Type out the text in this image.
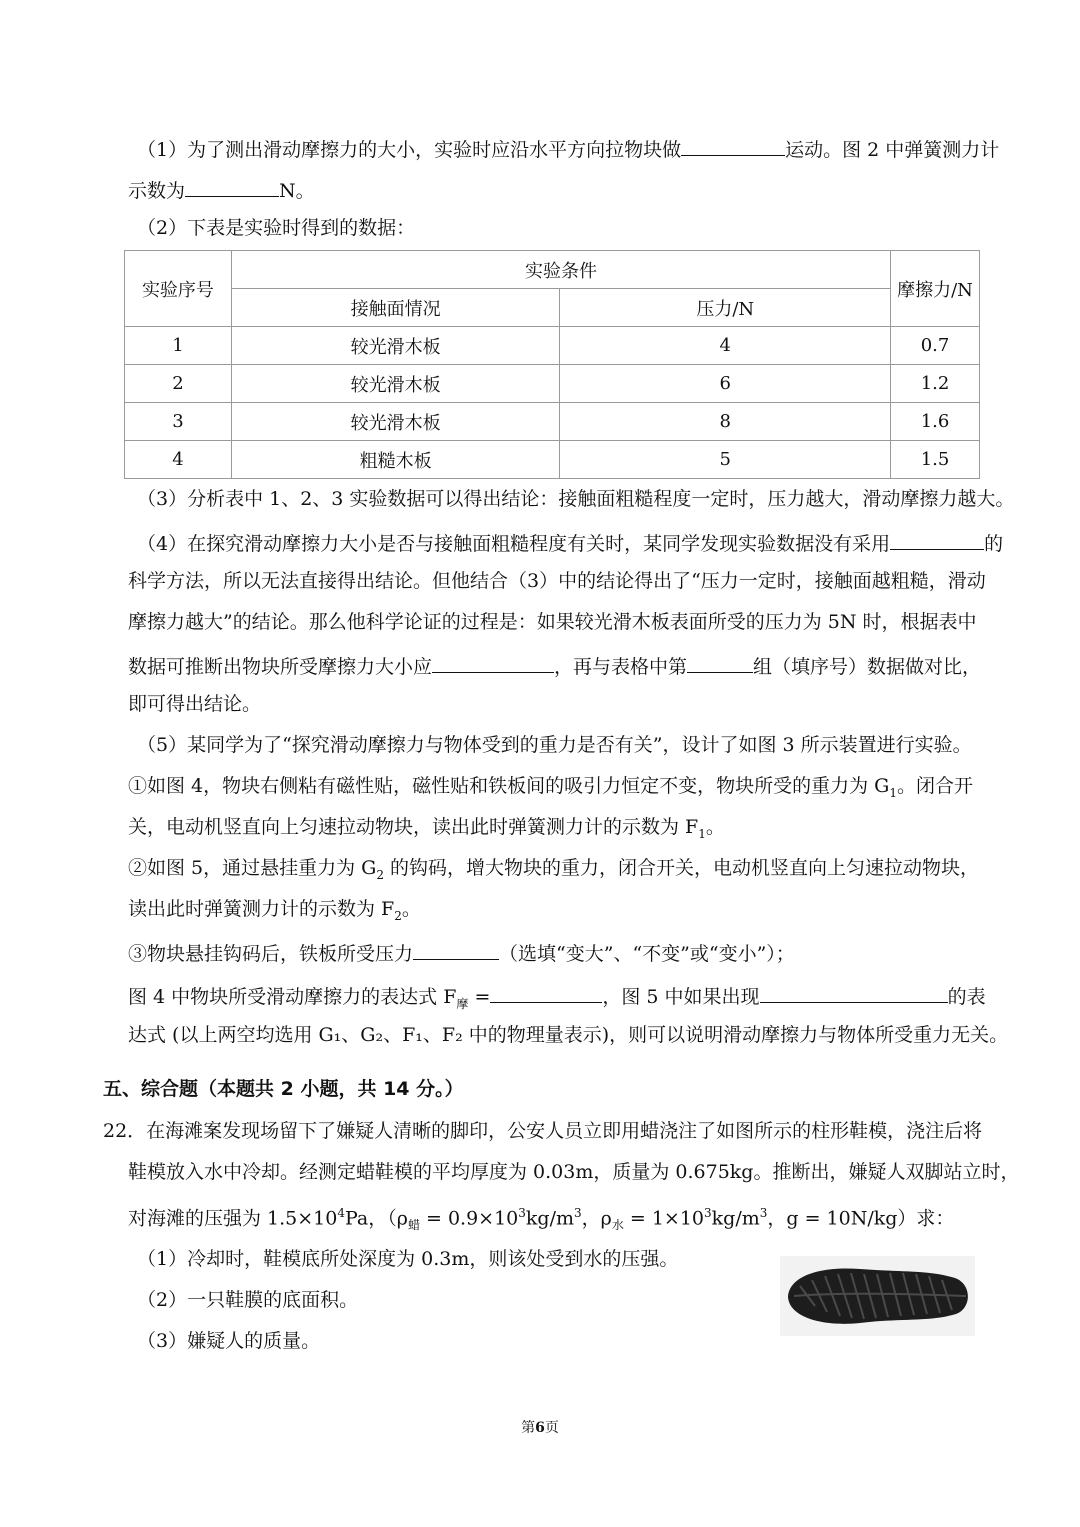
（1）为了测出滑动摩擦力的大小，实验时应沿水平方向拉物块做	运动。图 2 中弹簧测力计
示数为	N。
（2）下表是实验时得到的数据：
实验序号	实验条件		摩擦力/N
	接触面情况	压力/N	
1	较光滑木板	4	0.7
2	较光滑木板	6	1.2
3	较光滑木板	8	1.6
4	粗糙木板	5	1.5
（3）分析表中 1、2、3 实验数据可以得出结论：接触面粗糙程度一定时，压力越大，滑动摩擦力越大。
（4）在探究滑动摩擦力大小是否与接触面粗糙程度有关时，某同学发现实验数据没有采用	的
科学方法，所以无法直接得出结论。但他结合（3）中的结论得出了“压力一定时，接触面越粗糙，滑动
摩擦力越大”的结论。那么他科学论证的过程是：如果较光滑木板表面所受的压力为 5N 时，根据表中
数据可推断出物块所受摩擦力大小应	，再与表格中第	组（填序号）数据做对比，
即可得出结论。
（5）某同学为了“探究滑动摩擦力与物体受到的重力是否有关”，设计了如图 3 所示装置进行实验。
①如图 4，物块右侧粘有磁性贴，磁性贴和铁板间的吸引力恒定不变，物块所受的重力为 $G_1$。闭合开
关，电动机竖直向上匀速拉动物块，读出此时弹簧测力计的示数为 $F_1$。
②如图 5，通过悬挂重力为 $G_2$ 的钩码，增大物块的重力，闭合开关，电动机竖直向上匀速拉动物块，
读出此时弹簧测力计的示数为 $F_2$。
③物块悬挂钩码后，铁板所受压力	（选填“变大”、“不变”或“变小”）；
图 4 中物块所受滑动摩擦力的表达式 $F_摩$ =	，图 5 中如果出现	的表
达式 (以上两空均选用 G₁、G₂、F₁、F₂ 中的物理量表示)，则可以说明滑动摩擦力与物体所受重力无关。
五、综合题（本题共 2 小题，共 14 分。）
22．在海滩案发现场留下了嫌疑人清晰的脚印，公安人员立即用蜡浇注了如图所示的柱形鞋模，浇注后将
鞋模放入水中冷却。经测定蜡鞋模的平均厚度为 0.03m，质量为 0.675kg。推断出，嫌疑人双脚站立时，
对海滩的压强为 $1.5\times 10^4Pa$，（$\rho_蜡 = 0.9\times 10^3kg/m^3$，$\rho_水 = 1\times 10^3kg/m^3$，g = 10N/kg）求：
（1）冷却时，鞋模底所处深度为 0.3m，则该处受到水的压强。
（2）一只鞋膜的底面积。
（3）嫌疑人的质量。
第6页
